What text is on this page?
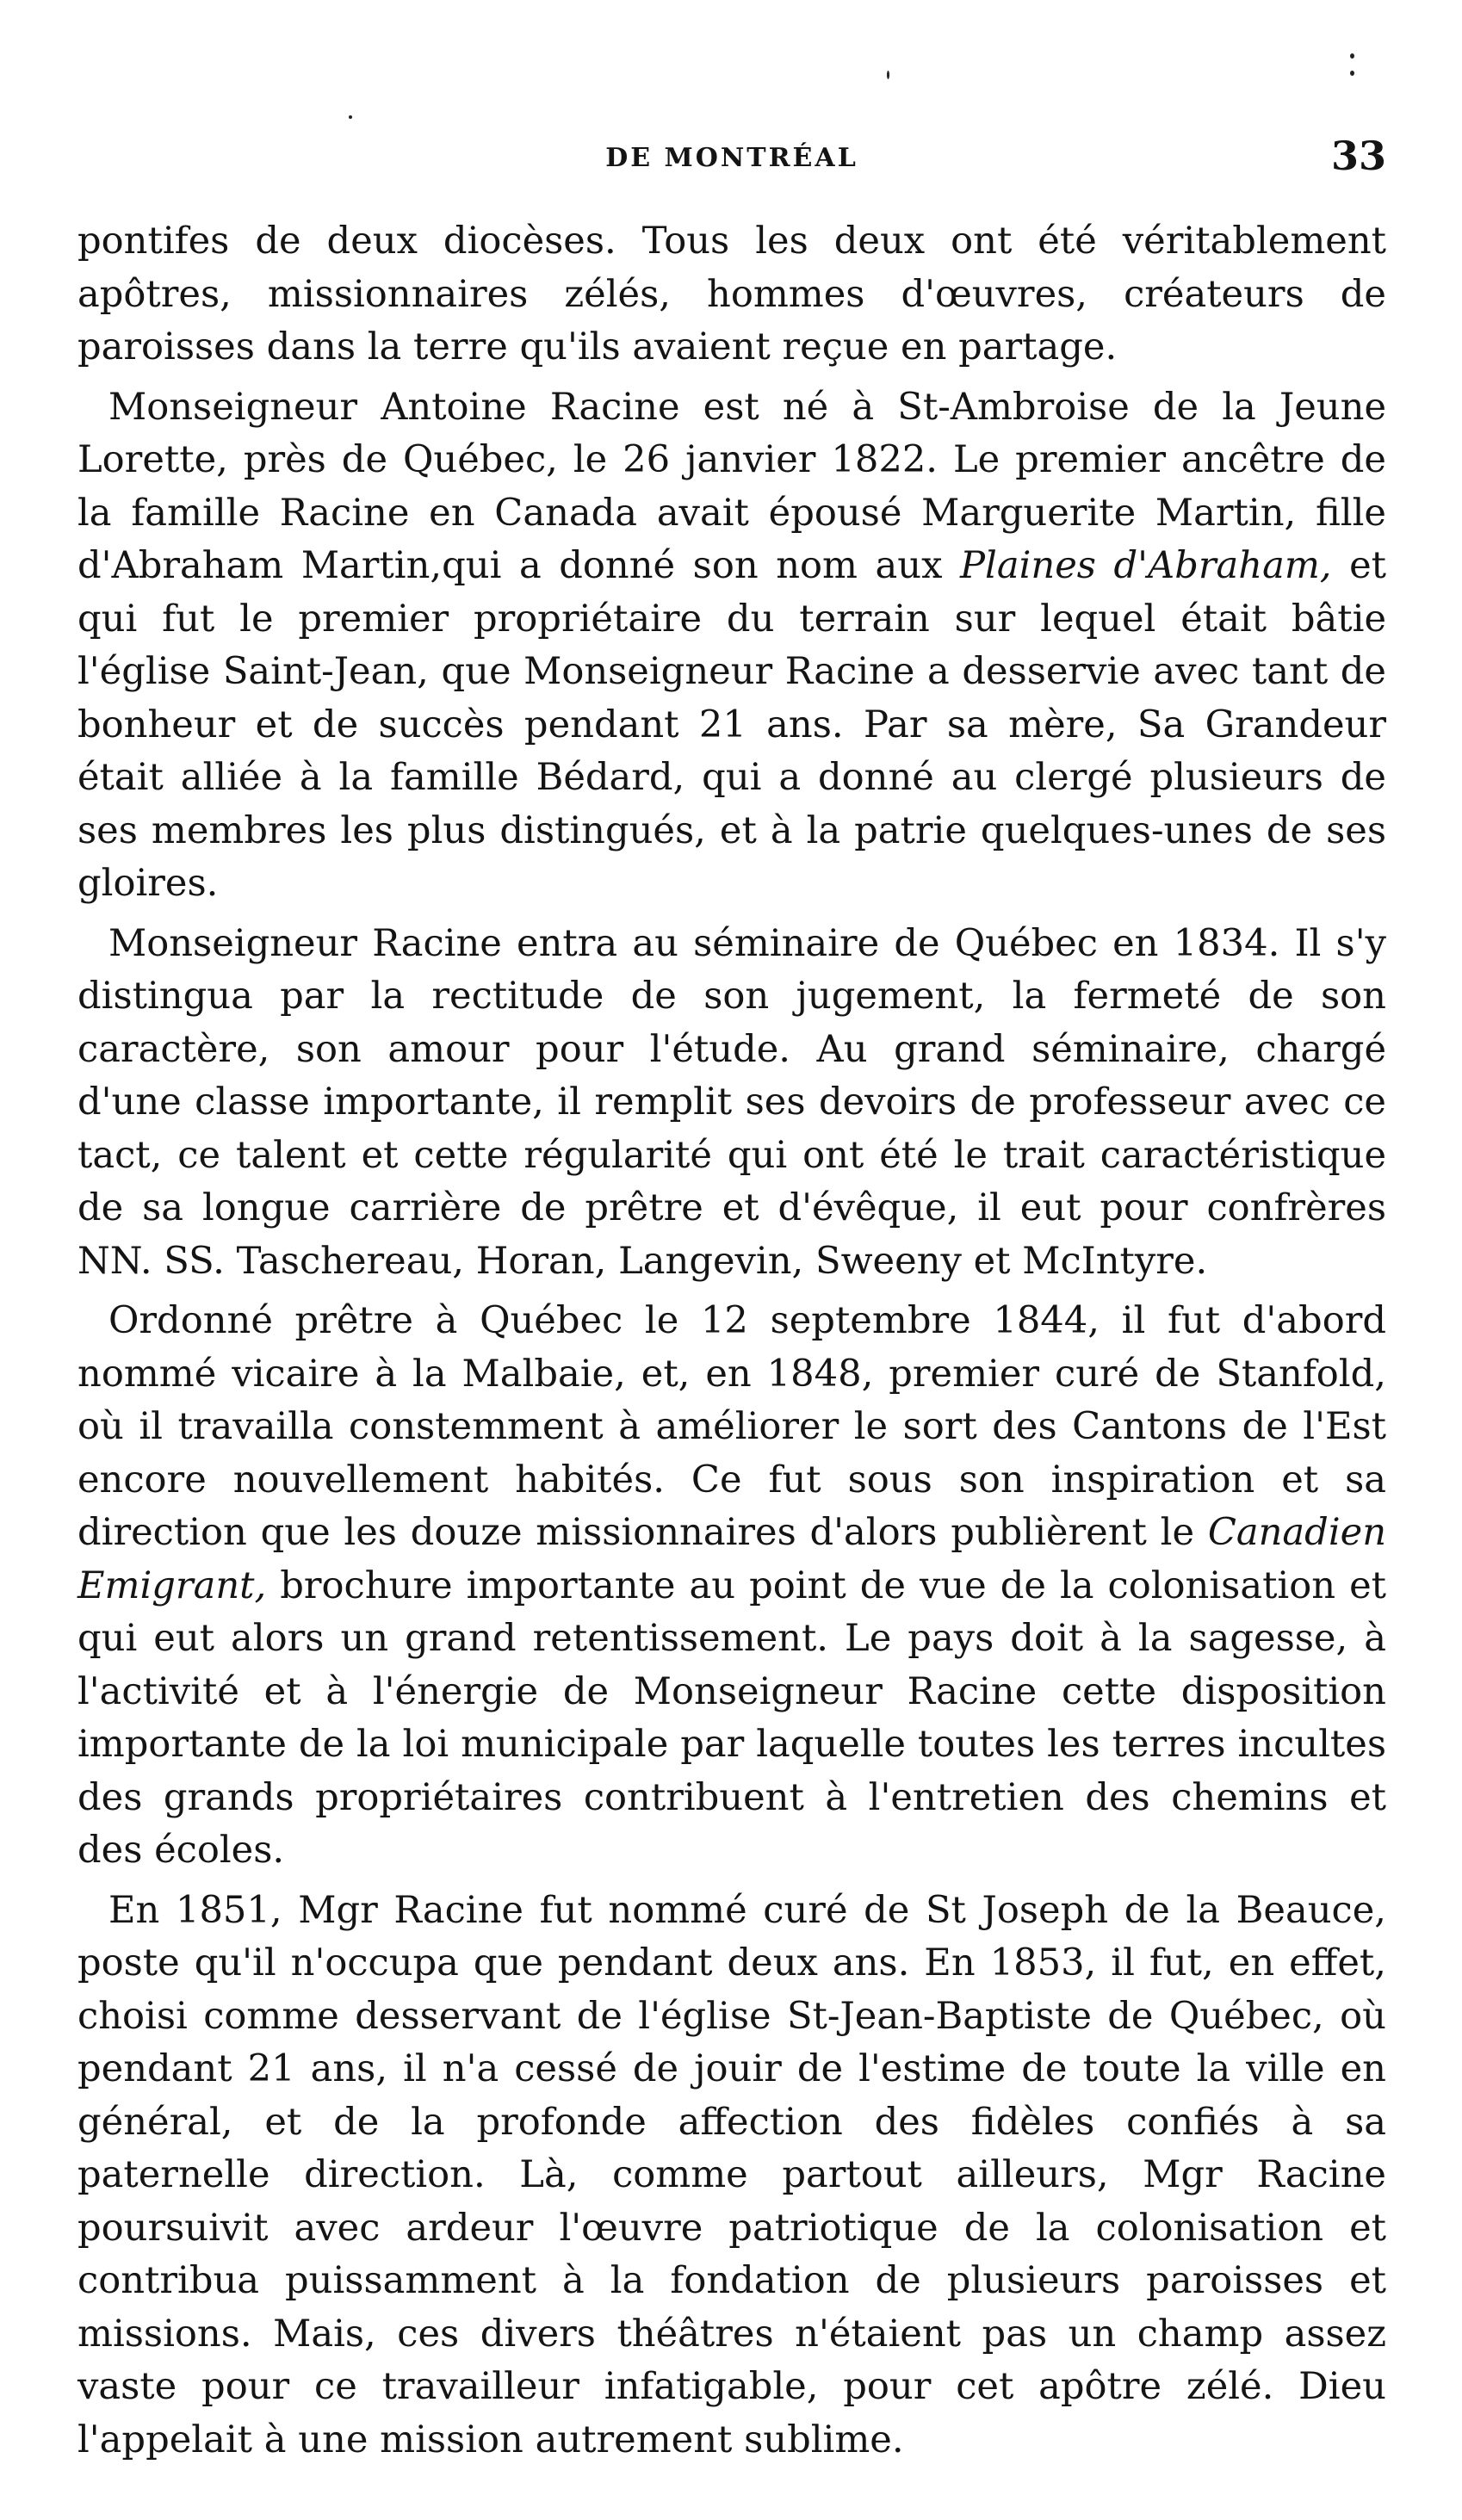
DE MONTRÉAL	33

pontifes de deux diocèses. Tous les deux ont été véritablement apôtres, missionnaires zélés, hommes d'œuvres, créateurs de paroisses dans la terre qu'ils avaient reçue en partage.

Monseigneur Antoine Racine est né à St-Ambroise de la Jeune Lorette, près de Québec, le 26 janvier 1822. Le premier ancêtre de la famille Racine en Canada avait épousé Marguerite Martin, fille d'Abraham Martin,qui a donné son nom aux Plaines d'Abraham, et qui fut le premier propriétaire du terrain sur lequel était bâtie l'église Saint-Jean, que Monseigneur Racine a desservie avec tant de bonheur et de succès pendant 21 ans. Par sa mère, Sa Grandeur était alliée à la famille Bédard, qui a donné au clergé plusieurs de ses membres les plus distingués, et à la patrie quelques-unes de ses gloires.

Monseigneur Racine entra au séminaire de Québec en 1834. Il s'y distingua par la rectitude de son jugement, la fermeté de son caractère, son amour pour l'étude. Au grand séminaire, chargé d'une classe importante, il remplit ses devoirs de professeur avec ce tact, ce talent et cette régularité qui ont été le trait caractéristique de sa longue carrière de prêtre et d'évêque, il eut pour confrères NN. SS. Taschereau, Horan, Langevin, Sweeny et McIntyre.

Ordonné prêtre à Québec le 12 septembre 1844, il fut d'abord nommé vicaire à la Malbaie, et, en 1848, premier curé de Stanfold, où il travailla constemment à améliorer le sort des Cantons de l'Est encore nouvellement habités. Ce fut sous son inspiration et sa direction que les douze missionnaires d'alors publièrent le Canadien Emigrant, brochure importante au point de vue de la colonisation et qui eut alors un grand retentissement. Le pays doit à la sagesse, à l'activité et à l'énergie de Monseigneur Racine cette disposition importante de la loi municipale par laquelle toutes les terres incultes des grands propriétaires contribuent à l'entretien des chemins et des écoles.

En 1851, Mgr Racine fut nommé curé de St Joseph de la Beauce, poste qu'il n'occupa que pendant deux ans. En 1853, il fut, en effet, choisi comme desservant de l'église St-Jean-Baptiste de Québec, où pendant 21 ans, il n'a cessé de jouir de l'estime de toute la ville en général, et de la profonde affection des fidèles confiés à sa paternelle direction. Là, comme partout ailleurs, Mgr Racine poursuivit avec ardeur l'œuvre patriotique de la colonisation et contribua puissamment à la fondation de plusieurs paroisses et missions. Mais, ces divers théâtres n'étaient pas un champ assez vaste pour ce travailleur infatigable, pour cet apôtre zélé. Dieu l'appelait à une mission autrement sublime.
